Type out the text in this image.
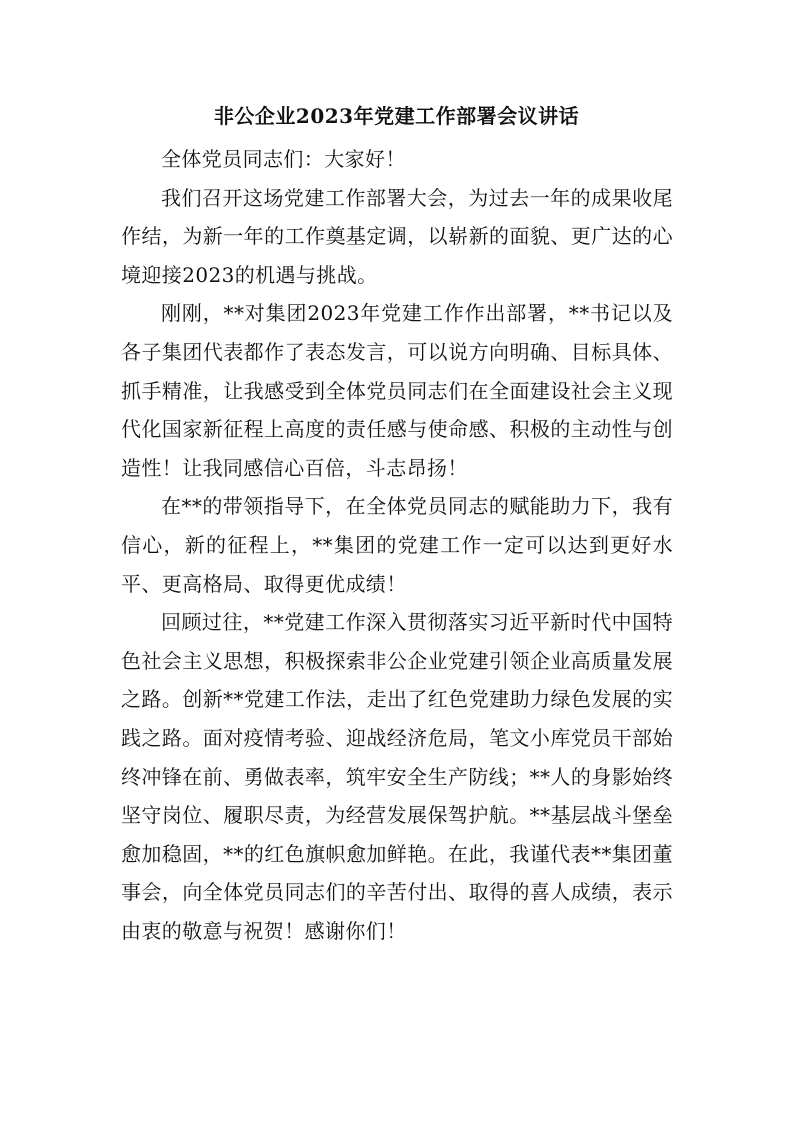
非公企业2023年党建工作部署会议讲话

全体党员同志们：大家好！

我们召开这场党建工作部署大会，为过去一年的成果收尾作结，为新一年的工作奠基定调，以崭新的面貌、更广达的心境迎接2023的机遇与挑战。

刚刚，**对集团2023年党建工作作出部署，**书记以及各子集团代表都作了表态发言，可以说方向明确、目标具体、抓手精准，让我感受到全体党员同志们在全面建设社会主义现代化国家新征程上高度的责任感与使命感、积极的主动性与创造性！让我同感信心百倍，斗志昂扬！

在**的带领指导下，在全体党员同志的赋能助力下，我有信心，新的征程上，**集团的党建工作一定可以达到更好水平、更高格局、取得更优成绩！

回顾过往，**党建工作深入贯彻落实习近平新时代中国特色社会主义思想，积极探索非公企业党建引领企业高质量发展之路。创新**党建工作法，走出了红色党建助力绿色发展的实践之路。面对疫情考验、迎战经济危局，笔文小库党员干部始终冲锋在前、勇做表率，筑牢安全生产防线；**人的身影始终坚守岗位、履职尽责，为经营发展保驾护航。**基层战斗堡垒愈加稳固，**的红色旗帜愈加鲜艳。在此，我谨代表**集团董事会，向全体党员同志们的辛苦付出、取得的喜人成绩，表示由衷的敬意与祝贺！感谢你们！
